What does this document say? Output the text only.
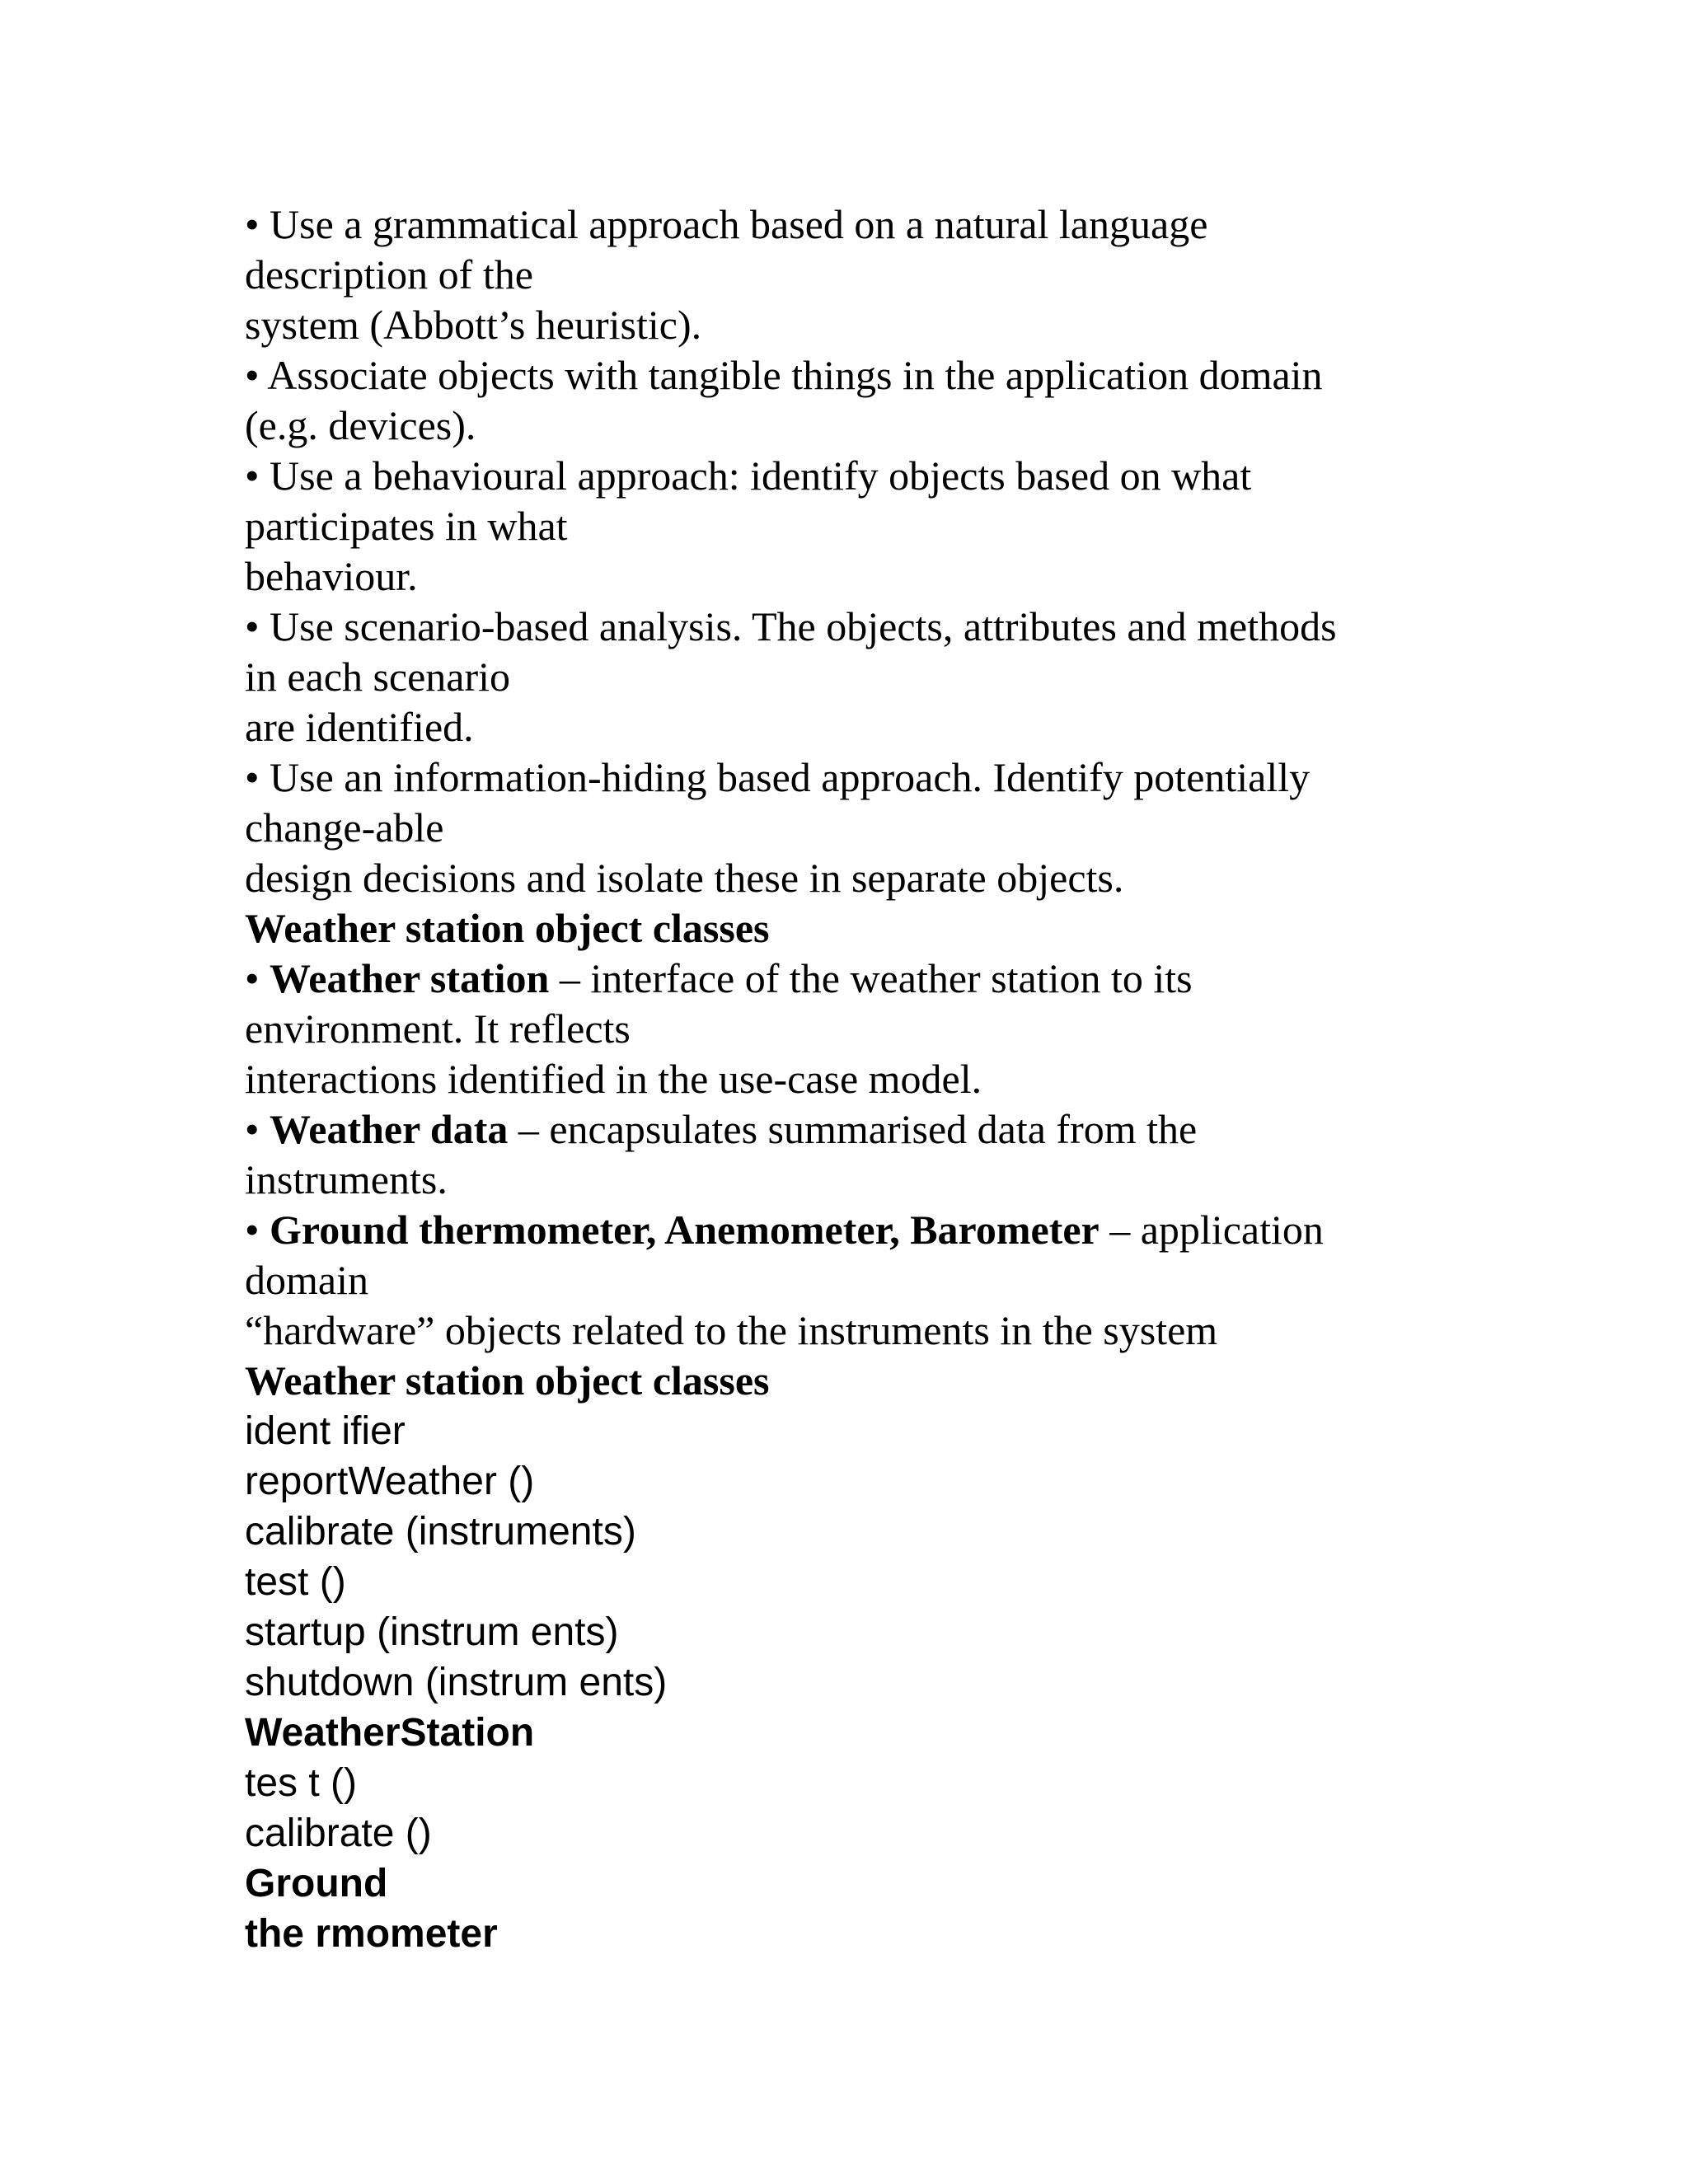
• Use a grammatical approach based on a natural language
description of the
system (Abbott’s heuristic).
• Associate objects with tangible things in the application domain
(e.g. devices).
• Use a behavioural approach: identify objects based on what
participates in what
behaviour.
• Use scenario-based analysis. The objects, attributes and methods
in each scenario
are identified.
• Use an information-hiding based approach. Identify potentially
change-able
design decisions and isolate these in separate objects.
Weather station object classes
• Weather station – interface of the weather station to its
environment. It reflects
interactions identified in the use-case model.
• Weather data – encapsulates summarised data from the
instruments.
• Ground thermometer, Anemometer, Barometer – application
domain
“hardware” objects related to the instruments in the system
Weather station object classes
ident ifier
reportWeather ()
calibrate (instruments)
test ()
startup (instrum ents)
shutdown (instrum ents)
WeatherStation
tes t ()
calibrate ()
Ground
the rmometer
